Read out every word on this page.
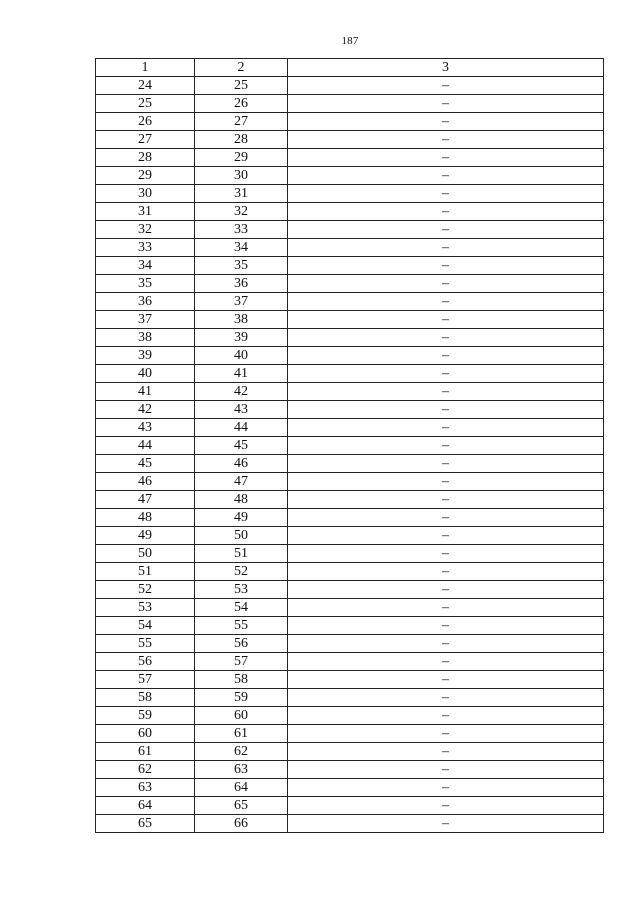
187
1	2	3
24	25	–
25	26	–
26	27	–
27	28	–
28	29	–
29	30	–
30	31	–
31	32	–
32	33	–
33	34	–
34	35	–
35	36	–
36	37	–
37	38	–
38	39	–
39	40	–
40	41	–
41	42	–
42	43	–
43	44	–
44	45	–
45	46	–
46	47	–
47	48	–
48	49	–
49	50	–
50	51	–
51	52	–
52	53	–
53	54	–
54	55	–
55	56	–
56	57	–
57	58	–
58	59	–
59	60	–
60	61	–
61	62	–
62	63	–
63	64	–
64	65	–
65	66	–
